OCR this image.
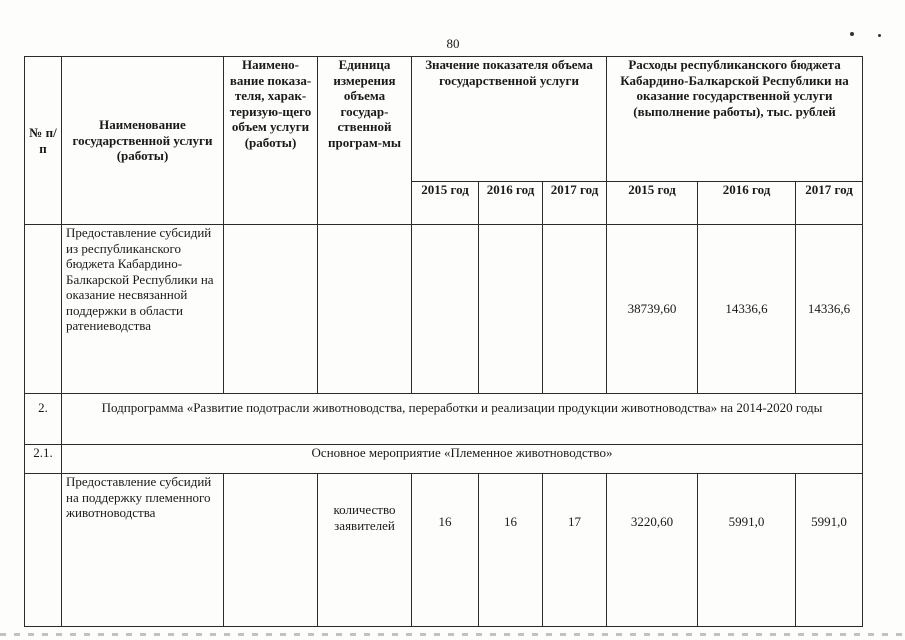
80
№ п/п	Наименование государственной услуги (работы)	Наимено-вание показа-теля, харак-теризую-щего объем услуги (работы)	Единица измерения объема государ-ственной програм-мы	Значение показателя объема государственной услуги			Расходы республиканского бюджета Кабардино-Балкарской Республики на оказание государственной услуги (выполнение работы), тыс. рублей		
				2015 год	2016 год	2017 год	2015 год	2016 год	2017 год
	Предоставление субсидий из республиканского бюджета Кабардино-Балкарской Республики на оказание несвязанной поддержки в области ратениеводства						38739,60	14336,6	14336,6
2.	Подпрограмма «Развитие подотрасли животноводства, переработки и реализации продукции животноводства» на 2014-2020 годы								
2.1.	Основное мероприятие «Племенное животноводство»								
	Предоставление субсидий на поддержку племенного животноводства		количество заявителей	16	16	17	3220,60	5991,0	5991,0
